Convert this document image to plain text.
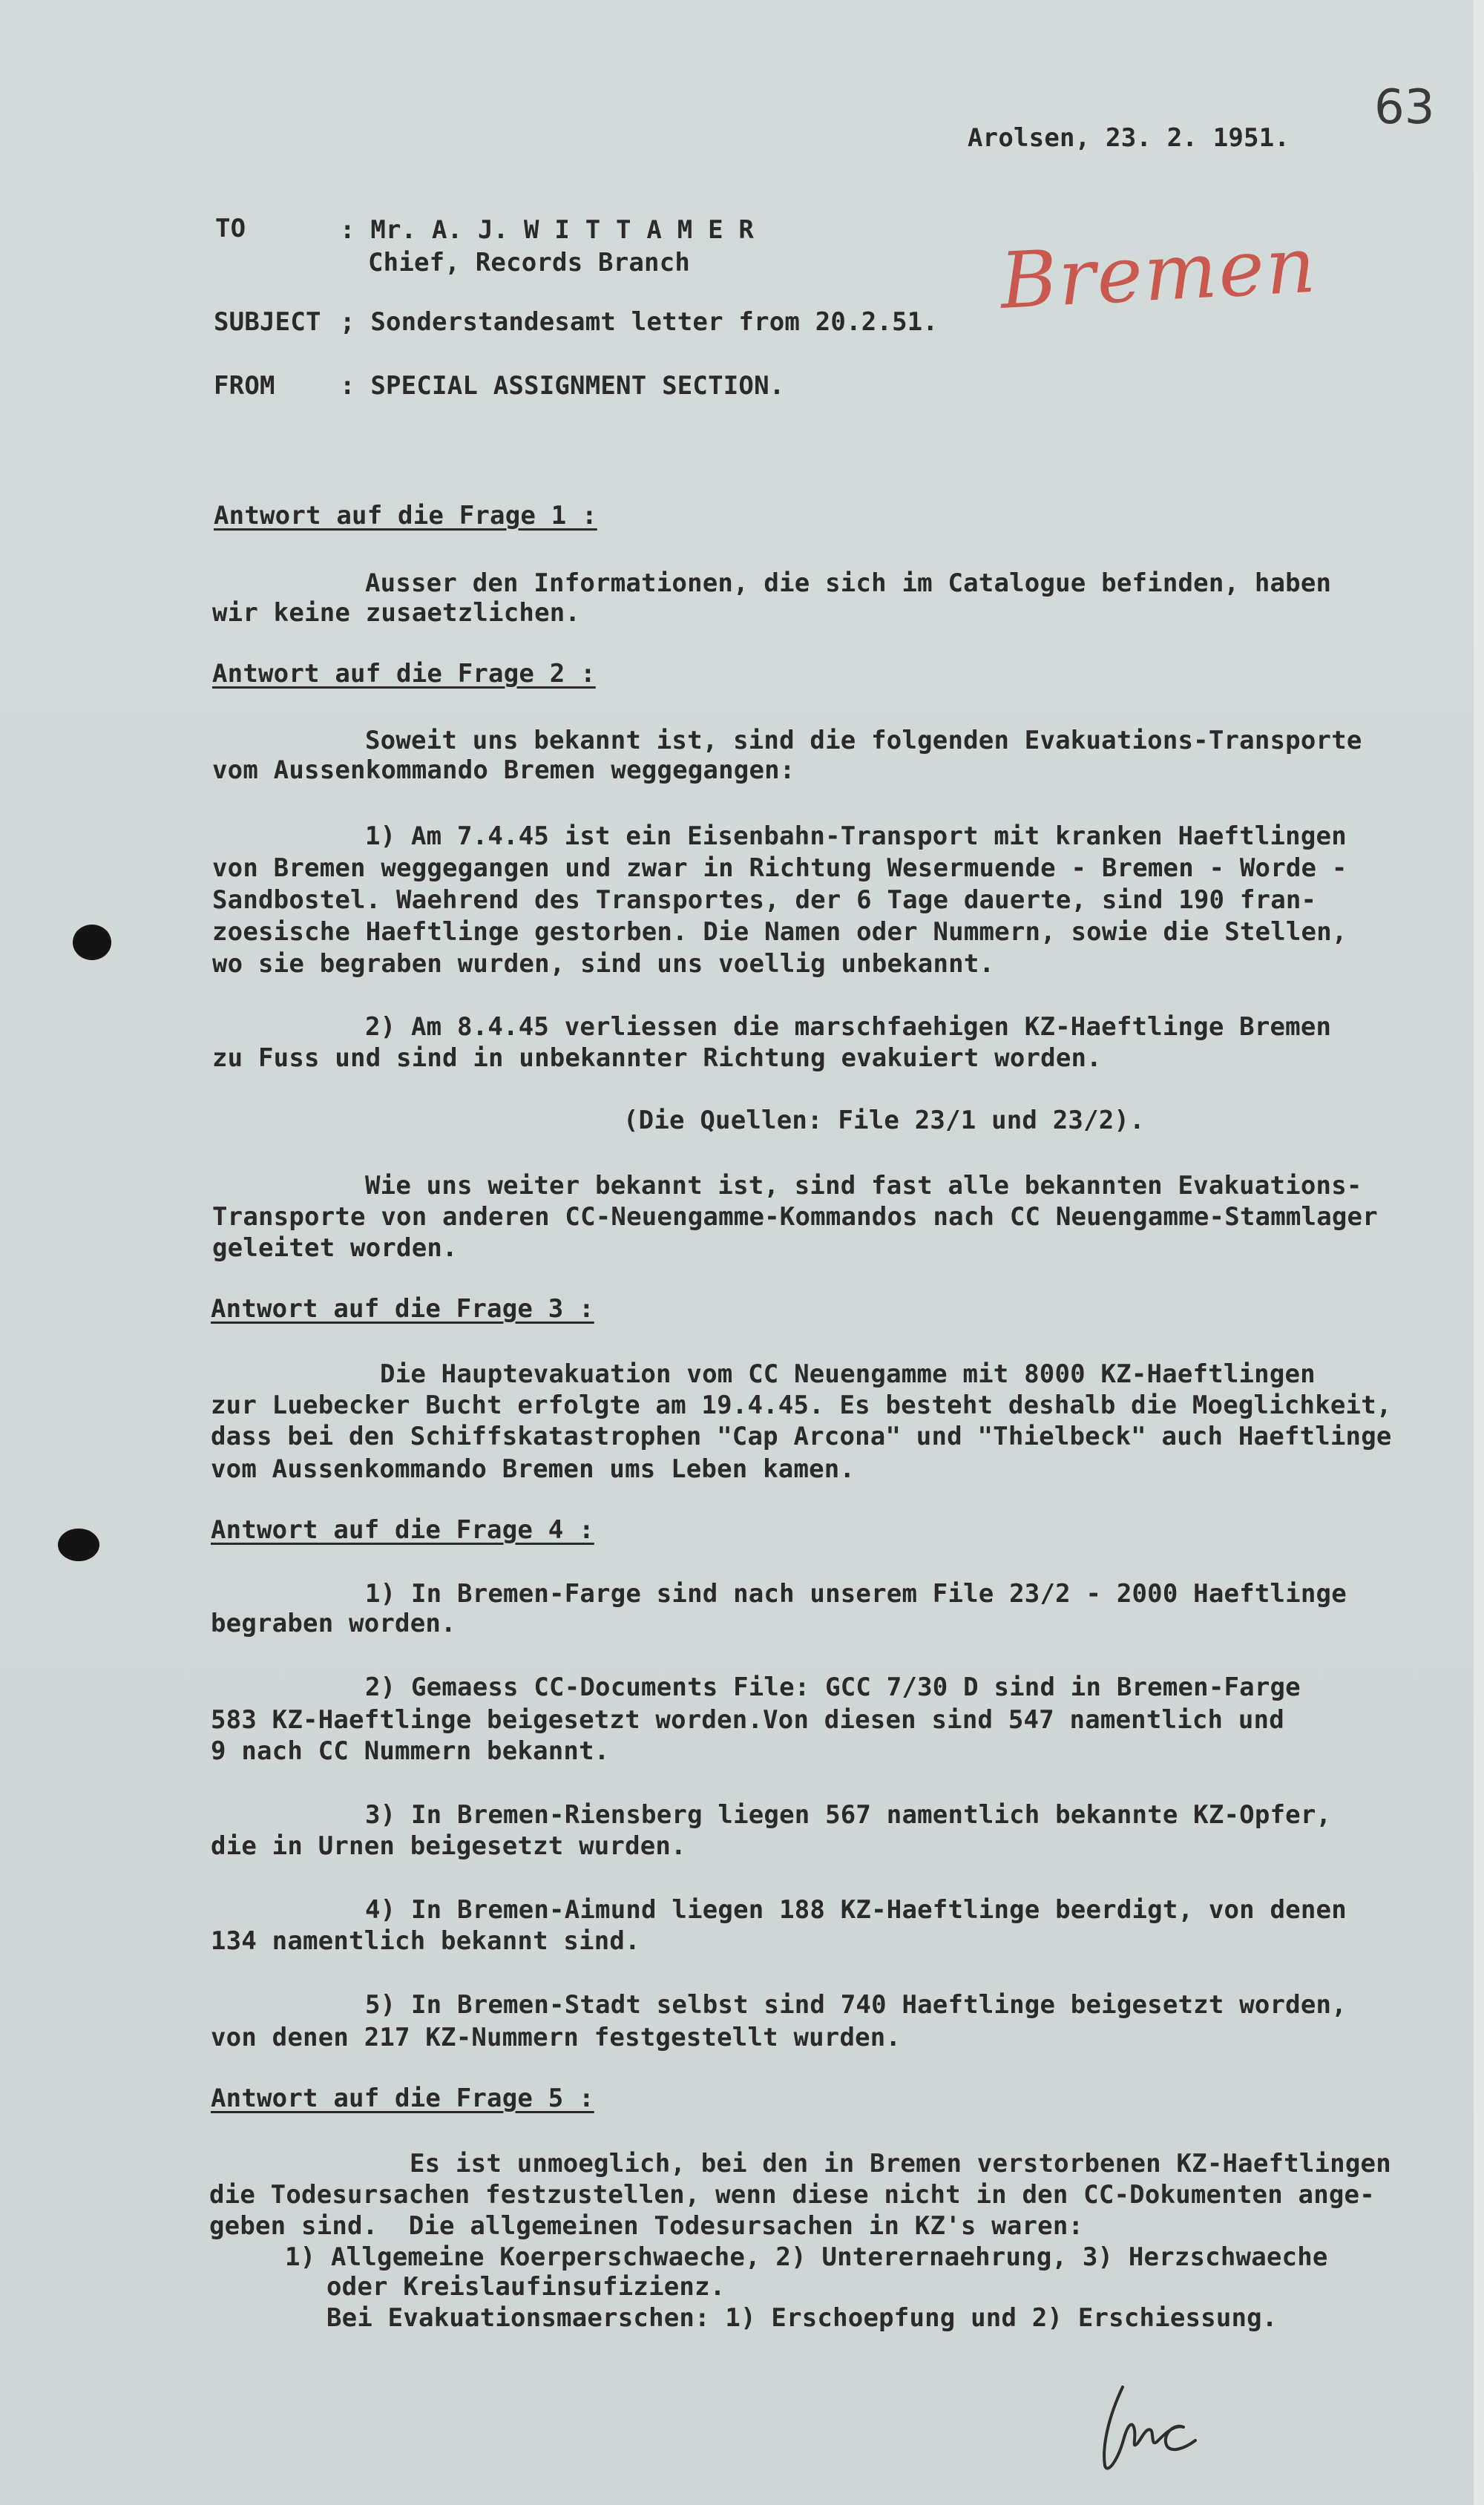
63
Arolsen, 23. 2. 1951.
TO	: Mr. A. J. W I T T A M E R
Chief, Records Branch
SUBJECT ; Sonderstandesamt letter from 20.2.51.
FROM	: SPECIAL ASSIGNMENT SECTION.
Bremen
Antwort auf die Frage 1 :
Ausser den Informationen, die sich im Catalogue befinden, haben
wir keine zusaetzlichen.
Antwort auf die Frage 2 :
Soweit uns bekannt ist, sind die folgenden Evakuations-Transporte
vom Aussenkommando Bremen weggegangen:
1) Am 7.4.45 ist ein Eisenbahn-Transport mit kranken Haeftlingen
von Bremen weggegangen und zwar in Richtung Wesermuende - Bremen - Worde -
Sandbostel. Waehrend des Transportes, der 6 Tage dauerte, sind 190 fran-
zoesische Haeftlinge gestorben. Die Namen oder Nummern, sowie die Stellen,
wo sie begraben wurden, sind uns voellig unbekannt.
2) Am 8.4.45 verliessen die marschfaehigen KZ-Haeftlinge Bremen
zu Fuss und sind in unbekannter Richtung evakuiert worden.
(Die Quellen: File 23/1 und 23/2).
Wie uns weiter bekannt ist, sind fast alle bekannten Evakuations-
Transporte von anderen CC-Neuengamme-Kommandos nach CC Neuengamme-Stammlager
geleitet worden.
Antwort auf die Frage 3 :
Die Hauptevakuation vom CC Neuengamme mit 8000 KZ-Haeftlingen
zur Luebecker Bucht erfolgte am 19.4.45. Es besteht deshalb die Moeglichkeit,
dass bei den Schiffskatastrophen "Cap Arcona" und "Thielbeck" auch Haeftlinge
vom Aussenkommando Bremen ums Leben kamen.
Antwort auf die Frage 4 :
1) In Bremen-Farge sind nach unserem File 23/2 - 2000 Haeftlinge
begraben worden.
2) Gemaess CC-Documents File: GCC 7/30 D sind in Bremen-Farge
583 KZ-Haeftlinge beigesetzt worden.Von diesen sind 547 namentlich und
9 nach CC Nummern bekannt.
3) In Bremen-Riensberg liegen 567 namentlich bekannte KZ-Opfer,
die in Urnen beigesetzt wurden.
4) In Bremen-Aimund liegen 188 KZ-Haeftlinge beerdigt, von denen
134 namentlich bekannt sind.
5) In Bremen-Stadt selbst sind 740 Haeftlinge beigesetzt worden,
von denen 217 KZ-Nummern festgestellt wurden.
Antwort auf die Frage 5 :
Es ist unmoeglich, bei den in Bremen verstorbenen KZ-Haeftlingen
die Todesursachen festzustellen, wenn diese nicht in den CC-Dokumenten ange-
geben sind.  Die allgemeinen Todesursachen in KZ's waren:
1) Allgemeine Koerperschwaeche, 2) Unterernaehrung, 3) Herzschwaeche
oder Kreislaufinsufizienz.
Bei Evakuationsmaerschen: 1) Erschoepfung und 2) Erschiessung.
